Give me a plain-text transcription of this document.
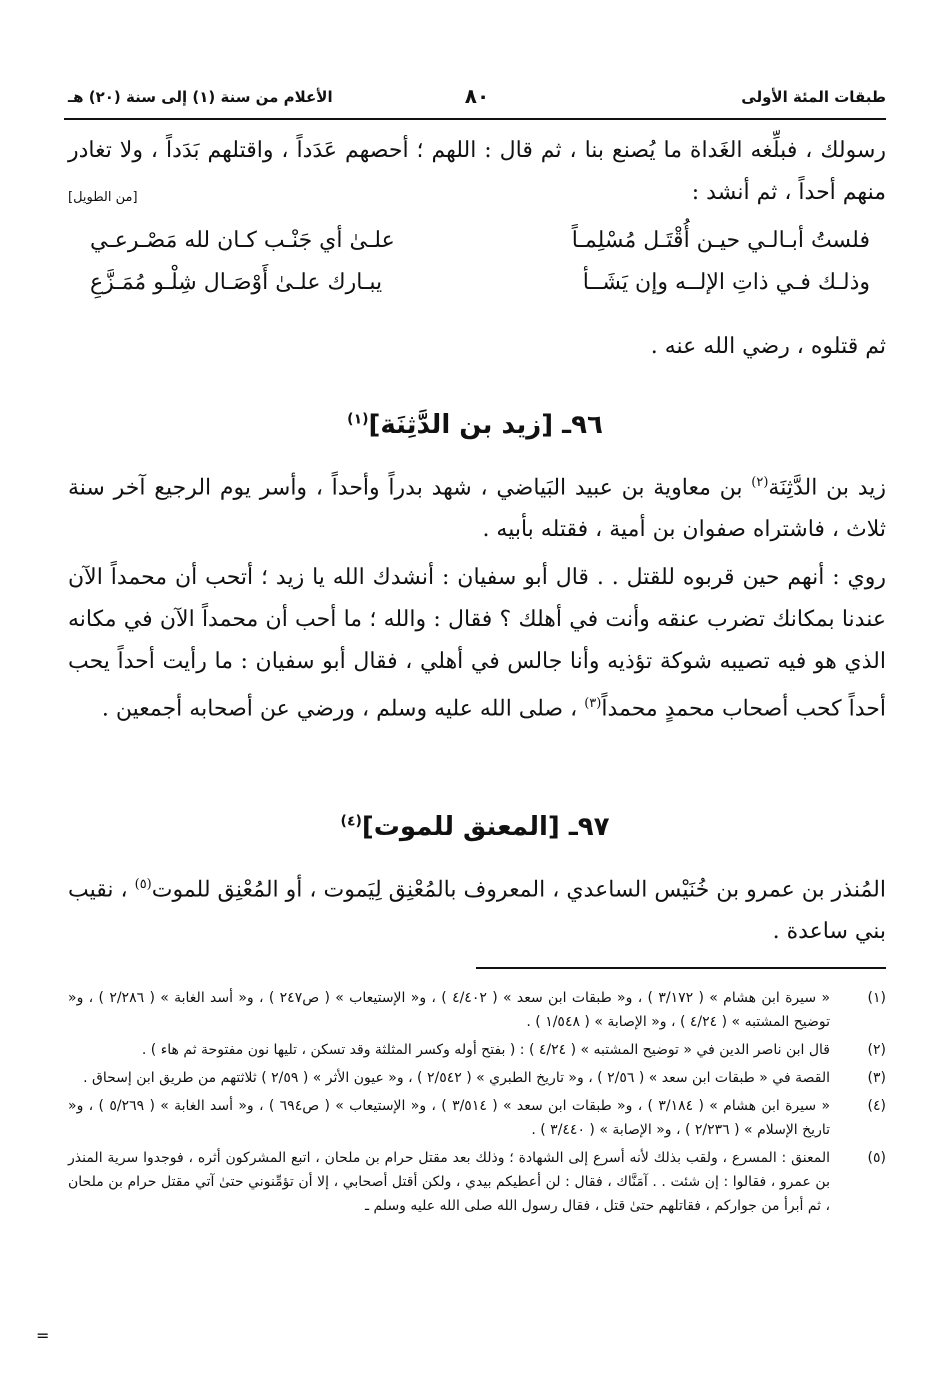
طبقات المئة الأولى
٨٠
الأعلام من سنة (١) إلى سنة (٢٠) هـ
رسولك ، فبلِّغه الغَداة ما يُصنع بنا ، ثم قال : اللهم ؛ أحصهم عَدَداً ، واقتلهم بَدَداً ، ولا تغادر منهم أحداً ، ثم أنشد :
[من الطويل]
فلستُ أبـالـي حيـن أُقْتَـل مُسْلِمـاً
علـىٰ أي جَنْـب كـان لله مَصْـرعـي
وذلـك فـي ذاتِ الإلــه وإن يَشَــأ
يبـارك علـىٰ أَوْصَـال شِلْـو مُمَـزَّعِ
ثم قتلوه ، رضي الله عنه .
٩٦ـ [زيد بن الدَّثِنَة]$^{(١)}$
زيد بن الدَّثِنَة$^{(٢)}$ بن معاوية بن عبيد البَياضي ، شهد بدراً وأحداً ، وأسر يوم الرجيع آخر سنة ثلاث ، فاشتراه صفوان بن أمية ، فقتله بأبيه .
روي : أنهم حين قربوه للقتل . . قال أبو سفيان : أنشدك الله يا زيد ؛ أتحب أن محمداً الآن عندنا بمكانك تضرب عنقه وأنت في أهلك ؟ فقال : والله ؛ ما أحب أن محمداً الآن في مكانه الذي هو فيه تصيبه شوكة تؤذيه وأنا جالس في أهلي ، فقال أبو سفيان : ما رأيت أحداً يحب أحداً كحب أصحاب محمدٍ محمداً$^{(٣)}$ ، صلى الله عليه وسلم ، ورضي عن أصحابه أجمعين .
٩٧ـ [المعنق للموت]$^{(٤)}$
المُنذر بن عمرو بن خُنَيْس الساعدي ، المعروف بالمُعْنِق لِيَموت ، أو المُعْنِق للموت$^{(٥)}$ ، نقيب بني ساعدة .
(١)
« سيرة ابن هشام » ( ٣/١٧٢ ) ، و« طبقات ابن سعد » ( ٤/٤٠٢ ) ، و« الإستيعاب » ( ص٢٤٧ ) ، و« أسد الغابة » ( ٢/٢٨٦ ) ، و« توضيح المشتبه » ( ٤/٢٤ ) ، و« الإصابة » ( ١/٥٤٨ ) .
(٢)
قال ابن ناصر الدين في « توضيح المشتبه » ( ٤/٢٤ ) : ( بفتح أوله وكسر المثلثة وقد تسكن ، تليها نون مفتوحة ثم هاء ) .
(٣)
القصة في « طبقات ابن سعد » ( ٢/٥٦ ) ، و« تاريخ الطبري » ( ٢/٥٤٢ ) ، و« عيون الأثر » ( ٢/٥٩ ) ثلاثتهم من طريق ابن إسحاق .
(٤)
« سيرة ابن هشام » ( ٣/١٨٤ ) ، و« طبقات ابن سعد » ( ٣/٥١٤ ) ، و« الإستيعاب » ( ص٦٩٤ ) ، و« أسد الغابة » ( ٥/٢٦٩ ) ، و« تاريخ الإسلام » ( ٢/٢٣٦ ) ، و« الإصابة » ( ٣/٤٤٠ ) .
(٥)
المعنق : المسرع ، ولقب بذلك لأنه أسرع إلى الشهادة ؛ وذلك بعد مقتل حرام بن ملحان ، اتبع المشركون أثره ، فوجدوا سرية المنذر بن عمرو ، فقالوا : إن شئت . . آمَنَّاك ، فقال : لن أعطيكم بيدي ، ولكن أقتل أصحابي ، إلا أن تؤمِّنوني حتىٰ آتي مقتل حرام بن ملحان ، ثم أبرأ من جواركم ، فقاتلهم حتىٰ قتل ، فقال رسول الله صلى الله عليه وسلم ـ
=
